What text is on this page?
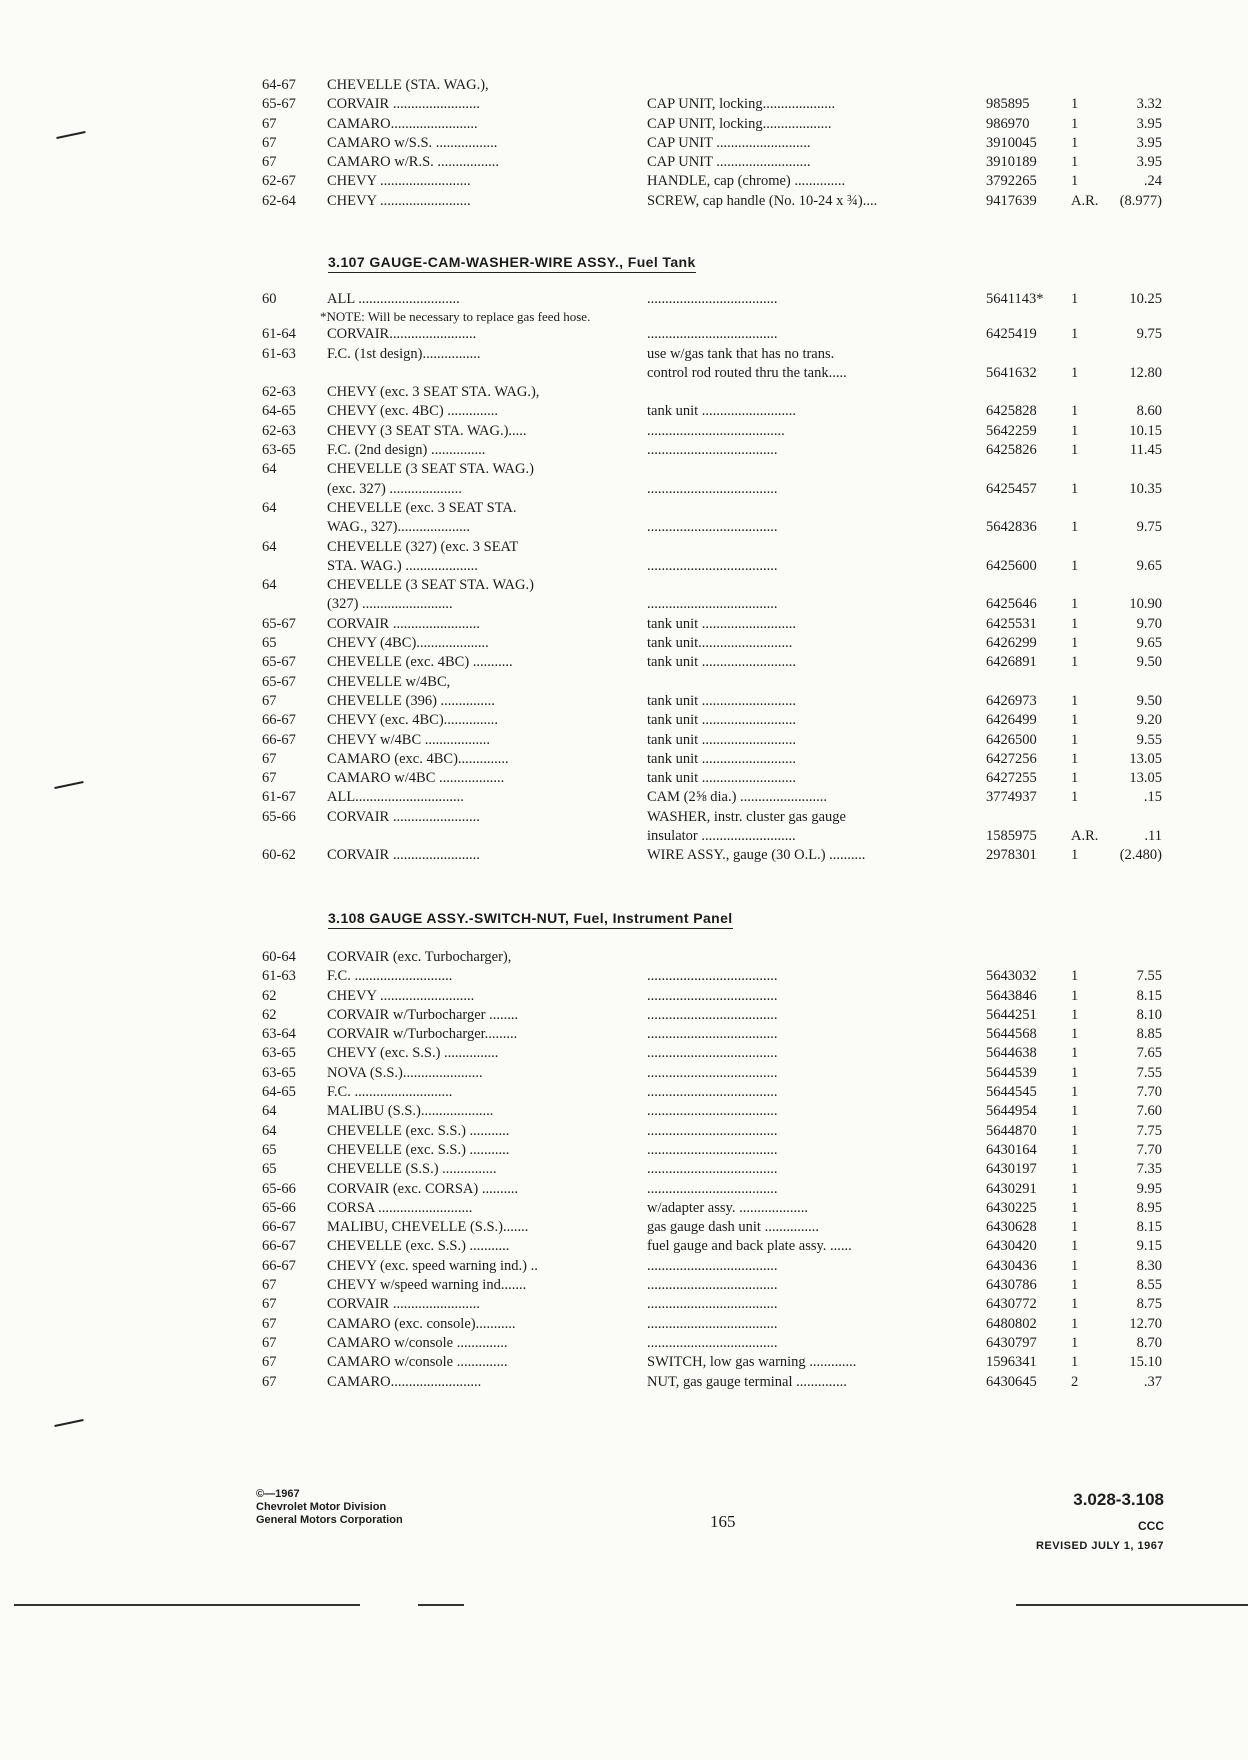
64-67 CHEVELLE (STA. WAG.),
65-67 CORVAIR ........................	CAP UNIT, locking....................	985895	1	3.32
67	CAMARO........................	CAP UNIT, locking...................	986970	1	3.95
67	CAMARO w/S.S. .................	CAP UNIT ..........................	3910045 1	3.95
67	CAMARO w/R.S. .................	CAP UNIT ..........................	3910189 1	3.95
62-67 CHEVY .........................	HANDLE, cap (chrome) ..............	3792265 1	.24
62-64 CHEVY .........................	SCREW, cap handle (No. 10-24 x ¾)....	9417639 A.R. (8.977)
3.107 GAUGE-CAM-WASHER-WIRE ASSY., Fuel Tank
60	ALL ............................	....................................	5641143* 1	10.25
*NOTE: Will be necessary to replace gas feed hose.
61-64 CORVAIR........................	....................................	6425419 1	9.75
61-63 F.C. (1st design)................	use w/gas tank that has no trans.
control rod routed thru the tank.....	5641632 1	12.80
62-63 CHEVY (exc. 3 SEAT STA. WAG.),
64-65 CHEVY (exc. 4BC) ..............	tank unit ..........................	6425828 1	8.60
62-63 CHEVY (3 SEAT STA. WAG.).....	......................................	5642259 1	10.15
63-65 F.C. (2nd design) ...............	....................................	6425826 1	11.45
64	CHEVELLE (3 SEAT STA. WAG.)
(exc. 327) ....................	....................................	6425457 1	10.35
64	CHEVELLE (exc. 3 SEAT STA.
WAG., 327)....................	....................................	5642836 1	9.75
64	CHEVELLE (327) (exc. 3 SEAT
STA. WAG.) ....................	....................................	6425600 1	9.65
64	CHEVELLE (3 SEAT STA. WAG.)
(327) .........................	....................................	6425646 1	10.90
65-67 CORVAIR ........................	tank unit ..........................	6425531 1	9.70
65	CHEVY (4BC)....................	tank unit..........................	6426299 1	9.65
65-67 CHEVELLE (exc. 4BC) ...........	tank unit ..........................	6426891 1	9.50
65-67 CHEVELLE w/4BC,
67	CHEVELLE (396) ...............	tank unit ..........................	6426973 1	9.50
66-67 CHEVY (exc. 4BC)...............	tank unit ..........................	6426499 1	9.20
66-67 CHEVY w/4BC ..................	tank unit ..........................	6426500 1	9.55
67	CAMARO (exc. 4BC)..............	tank unit ..........................	6427256 1	13.05
67	CAMARO w/4BC ..................	tank unit ..........................	6427255 1	13.05
61-67 ALL..............................	CAM (2⅝ dia.) ........................	3774937 1	.15
65-66 CORVAIR ........................	WASHER, instr. cluster gas gauge
insulator ..........................	1585975 A.R.	.11
60-62 CORVAIR ........................	WIRE ASSY., gauge (30 O.L.) ..........	2978301 1	(2.480)
3.108 GAUGE ASSY.-SWITCH-NUT, Fuel, Instrument Panel
60-64 CORVAIR (exc. Turbocharger),
61-63 F.C. ...........................	....................................	5643032 1	7.55
62	CHEVY ..........................	....................................	5643846 1	8.15
62	CORVAIR w/Turbocharger ........	....................................	5644251 1	8.10
63-64 CORVAIR w/Turbocharger.........	....................................	5644568 1	8.85
63-65 CHEVY (exc. S.S.) ...............	....................................	5644638 1	7.65
63-65 NOVA (S.S.)......................	....................................	5644539 1	7.55
64-65 F.C. ...........................	....................................	5644545 1	7.70
64	MALIBU (S.S.)....................	....................................	5644954 1	7.60
64	CHEVELLE (exc. S.S.) ...........	....................................	5644870 1	7.75
65	CHEVELLE (exc. S.S.) ...........	....................................	6430164 1	7.70
65	CHEVELLE (S.S.) ...............	....................................	6430197 1	7.35
65-66 CORVAIR (exc. CORSA) ..........	....................................	6430291 1	9.95
65-66 CORSA ..........................	w/adapter assy. ...................	6430225 1	8.95
66-67 MALIBU, CHEVELLE (S.S.).......	gas gauge dash unit ...............	6430628 1	8.15
66-67 CHEVELLE (exc. S.S.) ...........	fuel gauge and back plate assy. ......	6430420 1	9.15
66-67 CHEVY (exc. speed warning ind.) ..	....................................	6430436 1	8.30
67	CHEVY w/speed warning ind.......	....................................	6430786 1	8.55
67	CORVAIR ........................	....................................	6430772 1	8.75
67	CAMARO (exc. console)...........	....................................	6480802 1	12.70
67	CAMARO w/console ..............	....................................	6430797 1	8.70
67	CAMARO w/console ..............	SWITCH, low gas warning .............	1596341 1	15.10
67	CAMARO.........................	NUT, gas gauge terminal ..............	6430645 2	.37
©—1967
Chevrolet Motor Division
General Motors Corporation	165
3.028-3.108
CCC
REVISED JULY 1, 1967
